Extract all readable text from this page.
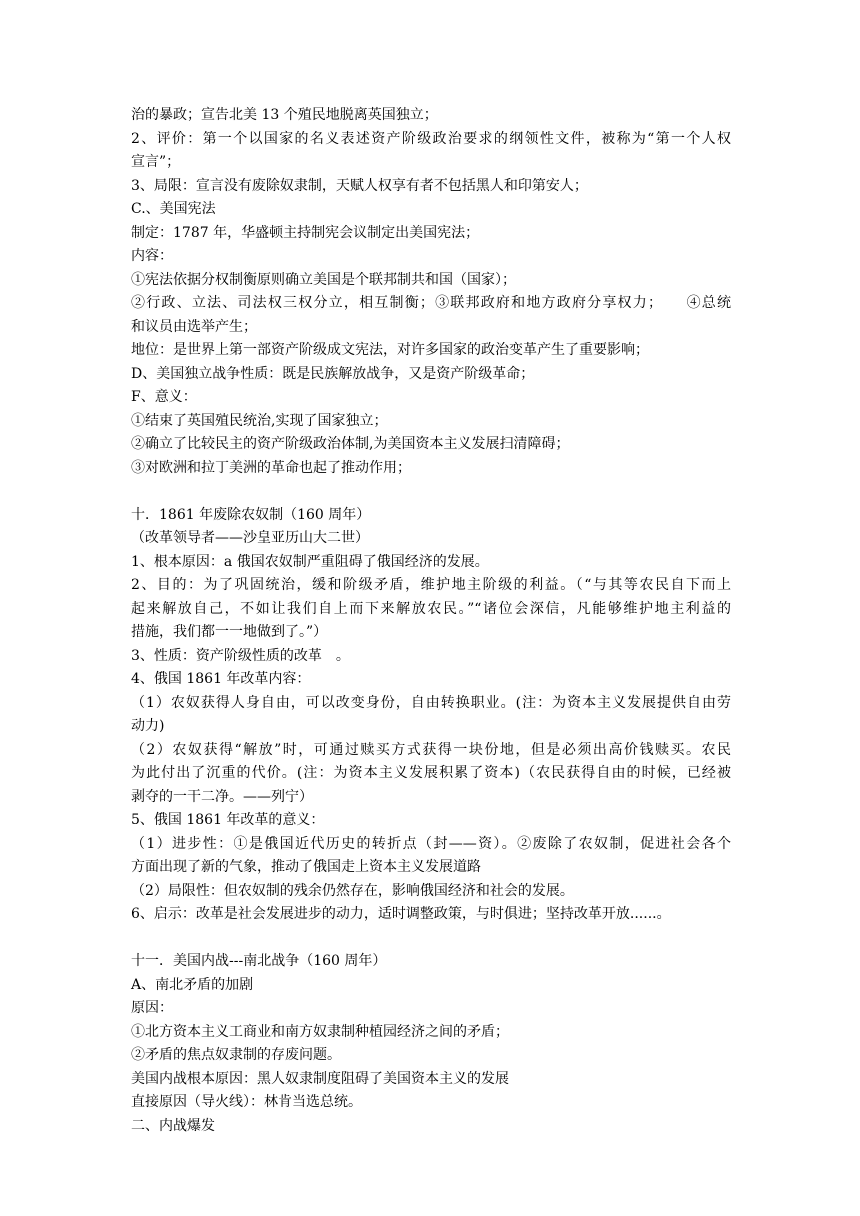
治的暴政；宣告北美 13 个殖民地脱离英国独立；
2、评价：第一个以国家的名义表述资产阶级政治要求的纲领性文件，被称为“第一个人权
宣言”；
3、局限：宣言没有废除奴隶制，天赋人权享有者不包括黑人和印第安人；
C.、美国宪法
制定：1787 年，华盛顿主持制宪会议制定出美国宪法；
内容：
①宪法依据分权制衡原则确立美国是个联邦制共和国（国家）；
②行政、立法、司法权三权分立，相互制衡；③联邦政府和地方政府分享权力；　　④总统
和议员由选举产生；
地位：是世界上第一部资产阶级成文宪法，对许多国家的政治变革产生了重要影响；
D、美国独立战争性质：既是民族解放战争，又是资产阶级革命；
F、意义：
①结束了英国殖民统治,实现了国家独立；
②确立了比较民主的资产阶级政治体制,为美国资本主义发展扫清障碍；
③对欧洲和拉丁美洲的革命也起了推动作用；
十．1861 年废除农奴制（160 周年）
（改革领导者——沙皇亚历山大二世）
1、根本原因：a 俄国农奴制严重阻碍了俄国经济的发展。
2、目的：为了巩固统治，缓和阶级矛盾，维护地主阶级的利益。（“与其等农民自下而上
起来解放自己，不如让我们自上而下来解放农民。”“诸位会深信，凡能够维护地主利益的
措施，我们都一一地做到了。”）
3、性质：资产阶级性质的改革　。
4、俄国 1861 年改革内容：
（1）农奴获得人身自由，可以改变身份，自由转换职业。(注：为资本主义发展提供自由劳
动力)
（2）农奴获得“解放”时，可通过赎买方式获得一块份地，但是必须出高价钱赎买。农民
为此付出了沉重的代价。(注：为资本主义发展积累了资本)（农民获得自由的时候，已经被
剥夺的一干二净。——列宁）
5、俄国 1861 年改革的意义：
（1）进步性：①是俄国近代历史的转折点（封——资）。②废除了农奴制，促进社会各个
方面出现了新的气象，推动了俄国走上资本主义发展道路
（2）局限性：但农奴制的残余仍然存在，影响俄国经济和社会的发展。
6、启示：改革是社会发展进步的动力，适时调整政策，与时俱进；坚持改革开放......。
十一．美国内战---南北战争（160 周年）
A、南北矛盾的加剧
原因：
①北方资本主义工商业和南方奴隶制种植园经济之间的矛盾；
②矛盾的焦点奴隶制的存废问题。
美国内战根本原因：黑人奴隶制度阻碍了美国资本主义的发展
直接原因（导火线）：林肯当选总统。
二、内战爆发
